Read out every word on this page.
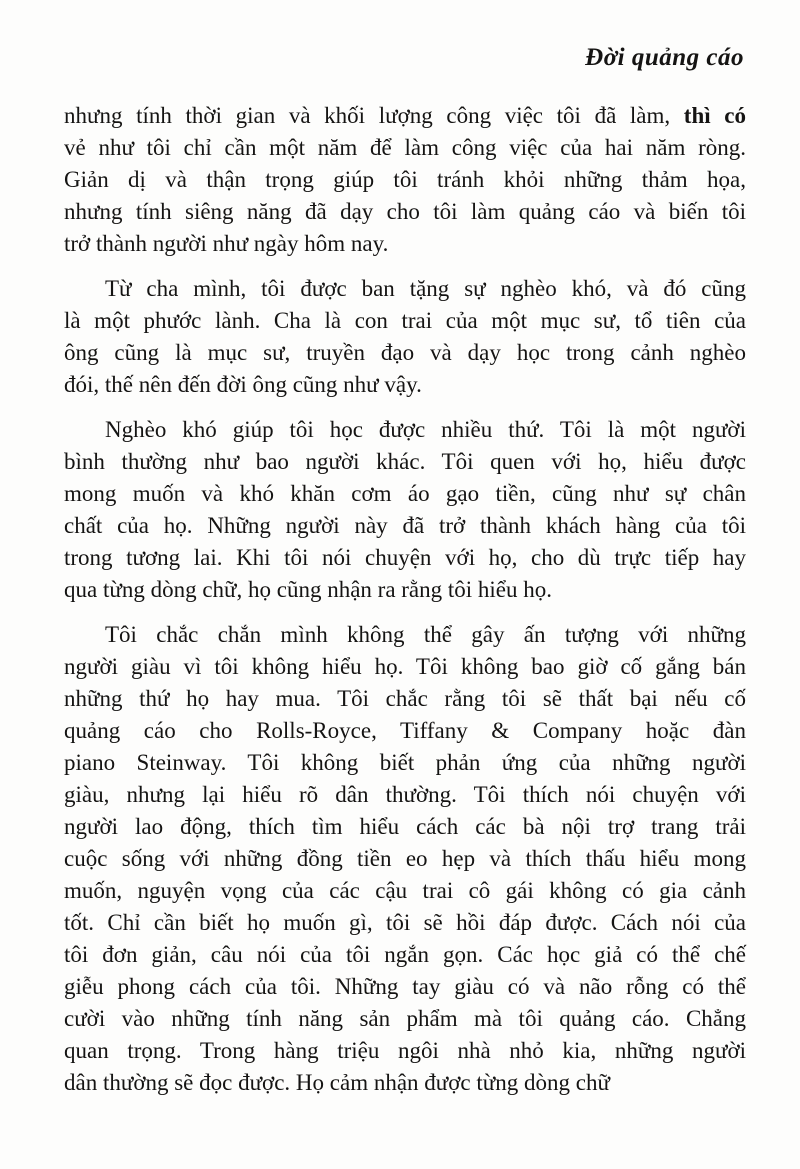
Đời quảng cáo
nhưng tính thời gian và khối lượng công việc tôi đã làm, thì có
vẻ như tôi chỉ cần một năm để làm công việc của hai năm ròng.
Giản dị và thận trọng giúp tôi tránh khỏi những thảm họa,
nhưng tính siêng năng đã dạy cho tôi làm quảng cáo và biến tôi
trở thành người như ngày hôm nay.
Từ cha mình, tôi được ban tặng sự nghèo khó, và đó cũng
là một phước lành. Cha là con trai của một mục sư, tổ tiên của
ông cũng là mục sư, truyền đạo và dạy học trong cảnh nghèo
đói, thế nên đến đời ông cũng như vậy.
Nghèo khó giúp tôi học được nhiều thứ. Tôi là một người
bình thường như bao người khác. Tôi quen với họ, hiểu được
mong muốn và khó khăn cơm áo gạo tiền, cũng như sự chân
chất của họ. Những người này đã trở thành khách hàng của tôi
trong tương lai. Khi tôi nói chuyện với họ, cho dù trực tiếp hay
qua từng dòng chữ, họ cũng nhận ra rằng tôi hiểu họ.
Tôi chắc chắn mình không thể gây ấn tượng với những
người giàu vì tôi không hiểu họ. Tôi không bao giờ cố gắng bán
những thứ họ hay mua. Tôi chắc rằng tôi sẽ thất bại nếu cố
quảng cáo cho Rolls-Royce, Tiffany & Company hoặc đàn
piano Steinway. Tôi không biết phản ứng của những người
giàu, nhưng lại hiểu rõ dân thường. Tôi thích nói chuyện với
người lao động, thích tìm hiểu cách các bà nội trợ trang trải
cuộc sống với những đồng tiền eo hẹp và thích thấu hiểu mong
muốn, nguyện vọng của các cậu trai cô gái không có gia cảnh
tốt. Chỉ cần biết họ muốn gì, tôi sẽ hồi đáp được. Cách nói của
tôi đơn giản, câu nói của tôi ngắn gọn. Các học giả có thể chế
giễu phong cách của tôi. Những tay giàu có và não rỗng có thể
cười vào những tính năng sản phẩm mà tôi quảng cáo. Chẳng
quan trọng. Trong hàng triệu ngôi nhà nhỏ kia, những người
dân thường sẽ đọc được. Họ cảm nhận được từng dòng chữ
